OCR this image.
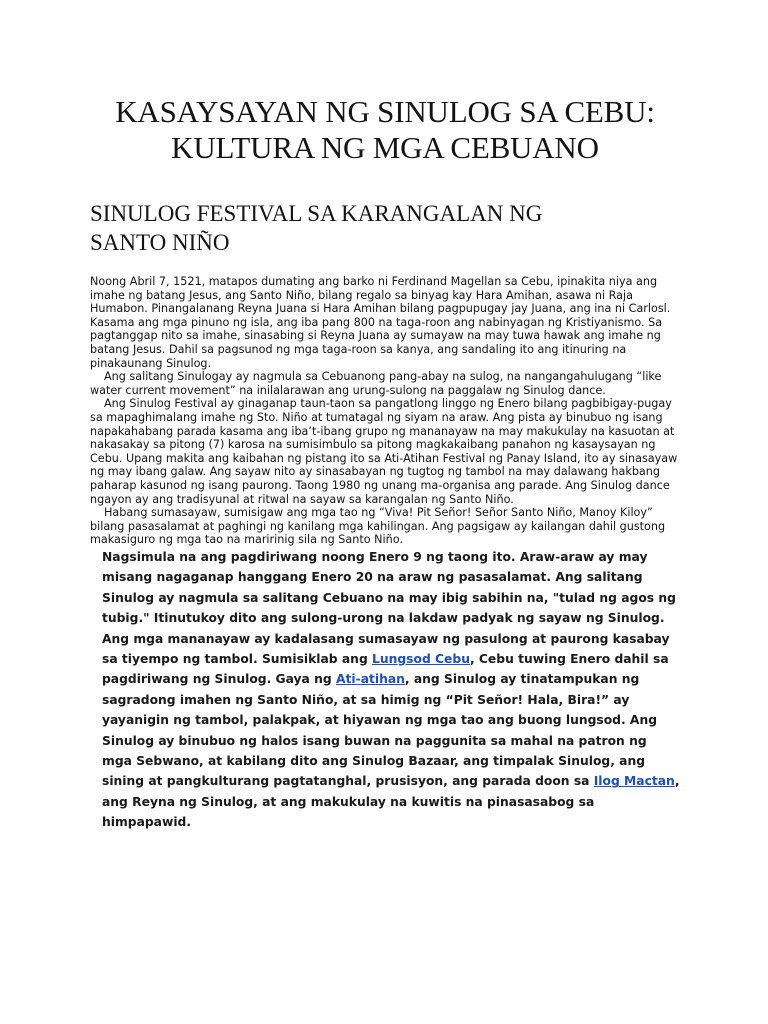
KASAYSAYAN NG SINULOG SA CEBU:
KULTURA NG MGA CEBUANO
SINULOG FESTIVAL SA KARANGALAN NG SANTO NIÑO

Noong Abril 7, 1521, matapos dumating ang barko ni Ferdinand Magellan sa Cebu, ipinakita niya ang imahe ng batang Jesus, ang Santo Niño, bilang regalo sa binyag kay Hara Amihan, asawa ni Raja Humabon. Pinangalanang Reyna Juana si Hara Amihan bilang pagpupugay jay Juana, ang ina ni Carlosl. Kasama ang mga pinuno ng isla, ang iba pang 800 na taga-roon ang nabinyagan ng Kristiyanismo. Sa pagtanggap nito sa imahe, sinasabing si Reyna Juana ay sumayaw na may tuwa hawak ang imahe ng batang Jesus. Dahil sa pagsunod ng mga taga-roon sa kanya, ang sandaling ito ang itinuring na pinakaunang Sinulog.

Ang salitang Sinulogay ay nagmula sa Cebuanong pang-abay na sulog, na nangangahulugang “like water current movement” na inilalarawan ang urung-sulong na paggalaw ng Sinulog dance.

Ang Sinulog Festival ay ginaganap taun-taon sa pangatlong linggo ng Enero bilang pagbibigay-pugay sa mapaghimalang imahe ng Sto. Niño at tumatagal ng siyam na araw. Ang pista ay binubuo ng isang napakahabang parada kasama ang iba’t-ibang grupo ng mananayaw na may makukulay na kasuotan at nakasakay sa pitong (7) karosa na sumisimbulo sa pitong magkakaibang panahon ng kasaysayan ng Cebu. Upang makita ang kaibahan ng pistang ito sa Ati-Atihan Festival ng Panay Island, ito ay sinasayaw ng may ibang galaw. Ang sayaw nito ay sinasabayan ng tugtog ng tambol na may dalawang hakbang paharap kasunod ng isang paurong. Taong 1980 ng unang ma-organisa ang parade. Ang Sinulog dance ngayon ay ang tradisyunal at ritwal na sayaw sa karangalan ng Santo Niño.

Habang sumasayaw, sumisigaw ang mga tao ng “Viva! Pit Señor! Señor Santo Niño, Manoy Kiloy” bilang pasasalamat at paghingi ng kanilang mga kahilingan. Ang pagsigaw ay kailangan dahil gustong makasiguro ng mga tao na maririnig sila ng Santo Niño.

Nagsimula na ang pagdiriwang noong Enero 9 ng taong ito. Araw-araw ay may misang nagaganap hanggang Enero 20 na araw ng pasasalamat. Ang salitang Sinulog ay nagmula sa salitang Cebuano na may ibig sabihin na, "tulad ng agos ng tubig." Itinutukoy dito ang sulong-urong na lakdaw padyak ng sayaw ng Sinulog. Ang mga mananayaw ay kadalasang sumasayaw ng pasulong at paurong kasabay sa tiyempo ng tambol. Sumisiklab ang Lungsod Cebu, Cebu tuwing Enero dahil sa pagdiriwang ng Sinulog. Gaya ng Ati-atihan, ang Sinulog ay tinatampukan ng sagradong imahen ng Santo Niño, at sa himig ng “Pit Señor! Hala, Bira!” ay yayanigin ng tambol, palakpak, at hiyawan ng mga tao ang buong lungsod. Ang Sinulog ay binubuo ng halos isang buwan na paggunita sa mahal na patron ng mga Sebwano, at kabilang dito ang Sinulog Bazaar, ang timpalak Sinulog, ang sining at pangkulturang pagtatanghal, prusisyon, ang parada doon sa Ilog Mactan, ang Reyna ng Sinulog, at ang makukulay na kuwitis na pinasasabog sa himpapawid.
